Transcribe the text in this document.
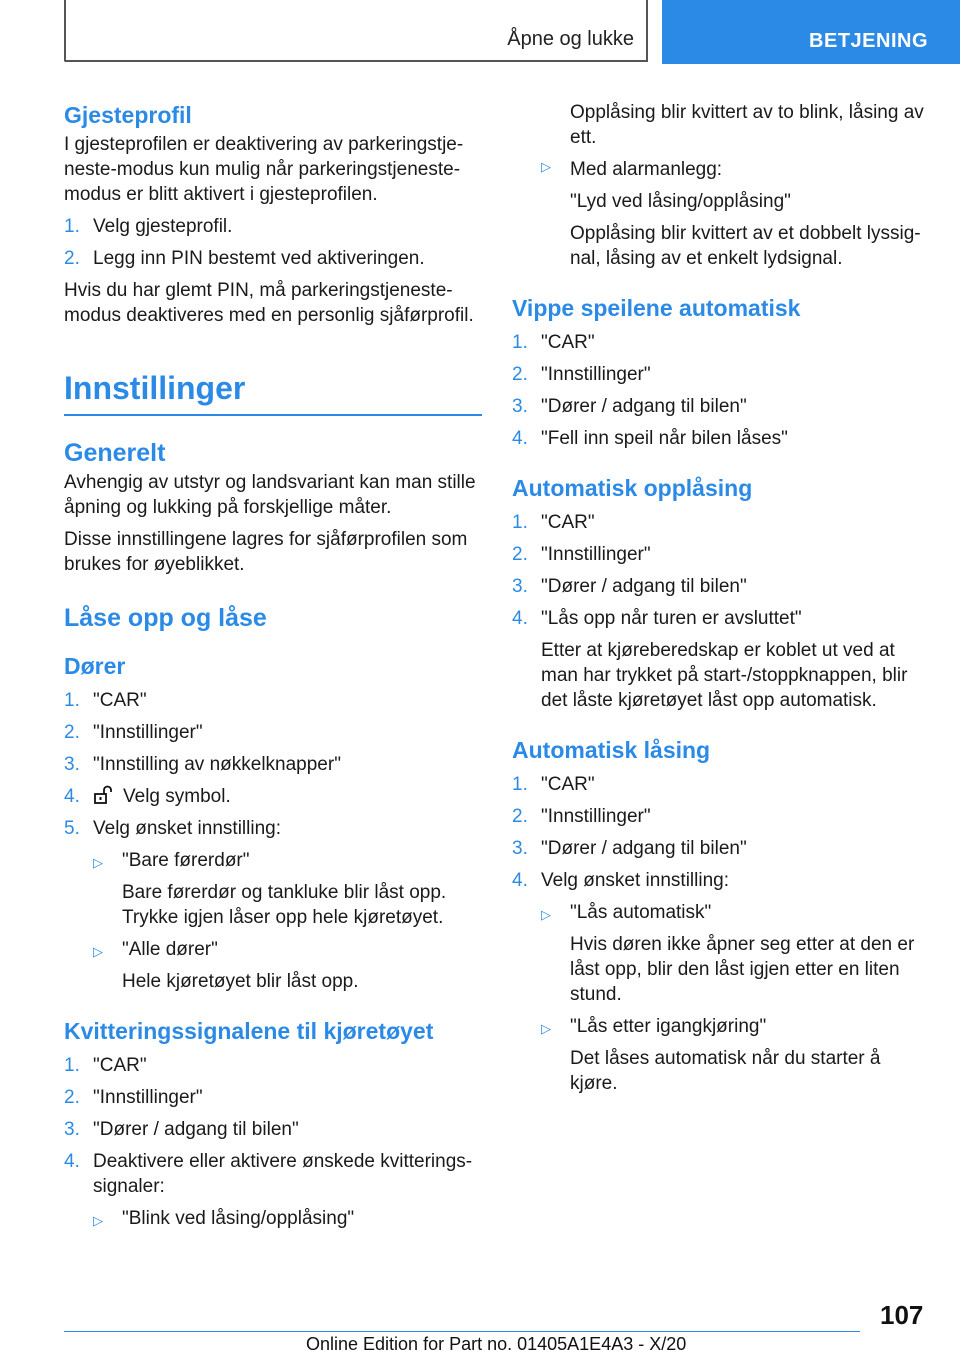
Åpne og lukke	BETJENING
Gjesteprofil

I gjesteprofilen er deaktivering av parkeringstje‐neste-modus kun mulig når parkeringstjeneste-modus er blitt aktivert i gjesteprofilen.

1. Velg gjesteprofil.
2. Legg inn PIN bestemt ved aktiveringen.

Hvis du har glemt PIN, må parkeringstjeneste-modus deaktiveres med en personlig sjåførprofil.

Innstillinger
Generelt

Avhengig av utstyr og landsvariant kan man stille åpning og lukking på forskjellige måter.

Disse innstillingene lagres for sjåførprofilen som brukes for øyeblikket.

Låse opp og låse
Dører
1. "CAR"
2. "Innstillinger"
3. "Innstilling av nøkkelknapper"
4.	Velg symbol.
5. Velg ønsket innstilling:
▷	"Bare førerdør"
Bare førerdør og tankluke blir låst opp. Trykke igjen låser opp hele kjøretøyet.
▷	"Alle dører"
Hele kjøretøyet blir låst opp.
Kvitteringssignalene til kjøretøyet
1. "CAR"
2. "Innstillinger"
3. "Dører / adgang til bilen"
4. Deaktivere eller aktivere ønskede kvitterings‐signaler:
▷	"Blink ved låsing/opplåsing"

Opplåsing blir kvittert av to blink, låsing av ett.

▷	Med alarmanlegg:
"Lyd ved låsing/opplåsing"
Opplåsing blir kvittert av et dobbelt lyssig‐nal, låsing av et enkelt lydsignal.
Vippe speilene automatisk
1. "CAR"
2. "Innstillinger"
3. "Dører / adgang til bilen"
4. "Fell inn speil når bilen låses"
Automatisk opplåsing
1. "CAR"
2. "Innstillinger"
3. "Dører / adgang til bilen"
4. "Lås opp når turen er avsluttet"
Etter at kjøreberedskap er koblet ut ved at man har trykket på start-/stoppknappen, blir det låste kjøretøyet låst opp automatisk.
Automatisk låsing
1. "CAR"
2. "Innstillinger"
3. "Dører / adgang til bilen"
4. Velg ønsket innstilling:
▷	"Lås automatisk"
Hvis døren ikke åpner seg etter at den er låst opp, blir den låst igjen etter en liten stund.
▷	"Lås etter igangkjøring"
Det låses automatisk når du starter å kjøre.
107
Online Edition for Part no. 01405A1E4A3 - X/20
